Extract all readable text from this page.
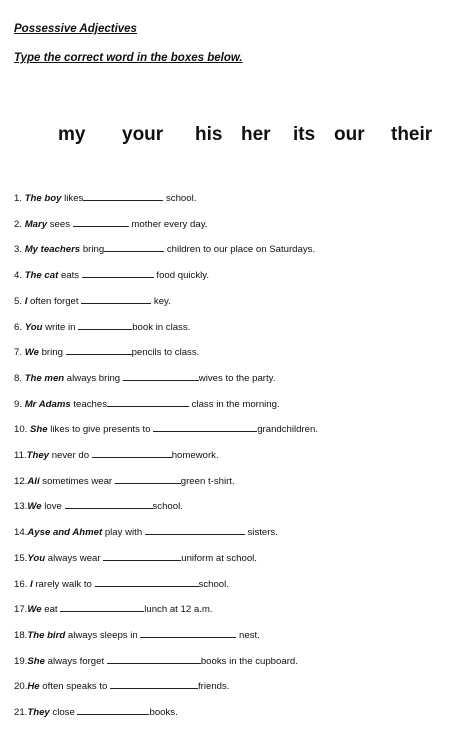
Possessive Adjectives
Type the correct word in the boxes below.
my your his her its our their
1. The boy likes	school.
2. Mary sees	mother every day.
3. My teachers bring	children to our place on Saturdays.
4. The cat eats	food quickly.
5. I often forget	key.
6. You write in	book in class.
7. We bring	pencils to class.
8. The men always bring	wives to the party.
9. Mr Adams teaches	class in the morning.
10. She likes to give presents to	grandchildren.
11.They never do	homework.
12.Ali sometimes wear	green t-shirt.
13.We love	school.
14.Ayse and Ahmet play with	sisters.
15.You always wear	uniform at school.
16. I rarely walk to	school.
17.We eat	lunch at 12 a.m.
18.The bird always sleeps in	nest.
19.She always forget	books in the cupboard.
20.He often speaks to	friends.
21.They close	books.
